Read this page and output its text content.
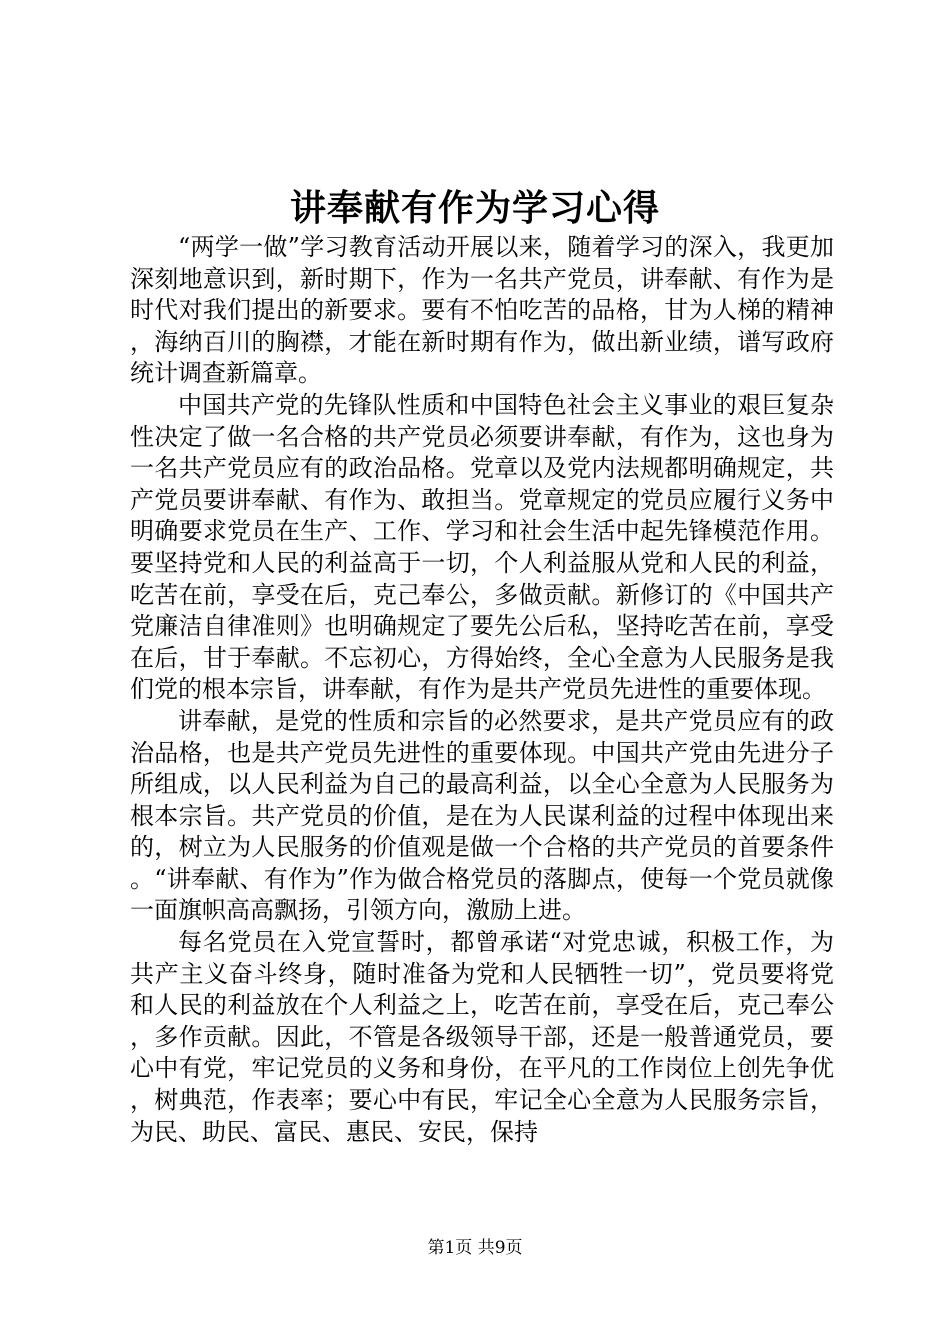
讲奉献有作为学习心得

“两学一做”学习教育活动开展以来，随着学习的深入，我更加深刻地意识到，新时期下，作为一名共产党员，讲奉献、有作为是时代对我们提出的新要求。要有不怕吃苦的品格，甘为人梯的精神，海纳百川的胸襟，才能在新时期有作为，做出新业绩，谱写政府统计调查新篇章。

中国共产党的先锋队性质和中国特色社会主义事业的艰巨复杂性决定了做一名合格的共产党员必须要讲奉献，有作为，这也身为一名共产党员应有的政治品格。党章以及党内法规都明确规定，共产党员要讲奉献、有作为、敢担当。党章规定的党员应履行义务中明确要求党员在生产、工作、学习和社会生活中起先锋模范作用。要坚持党和人民的利益高于一切，个人利益服从党和人民的利益，吃苦在前，享受在后，克己奉公，多做贡献。新修订的《中国共产党廉洁自律准则》也明确规定了要先公后私，坚持吃苦在前，享受在后，甘于奉献。不忘初心，方得始终，全心全意为人民服务是我们党的根本宗旨，讲奉献，有作为是共产党员先进性的重要体现。

讲奉献，是党的性质和宗旨的必然要求，是共产党员应有的政治品格，也是共产党员先进性的重要体现。中国共产党由先进分子所组成，以人民利益为自己的最高利益，以全心全意为人民服务为根本宗旨。共产党员的价值，是在为人民谋利益的过程中体现出来的，树立为人民服务的价值观是做一个合格的共产党员的首要条件。“讲奉献、有作为”作为做合格党员的落脚点，使每一个党员就像一面旗帜高高飘扬，引领方向，激励上进。

每名党员在入党宣誓时，都曾承诺“对党忠诚，积极工作，为共产主义奋斗终身，随时准备为党和人民牺牲一切”，党员要将党和人民的利益放在个人利益之上，吃苦在前，享受在后，克己奉公，多作贡献。因此，不管是各级领导干部，还是一般普通党员，要心中有党，牢记党员的义务和身份，在平凡的工作岗位上创先争优，树典范，作表率；要心中有民，牢记全心全意为人民服务宗旨，为民、助民、富民、惠民、安民，保持

第1页 共9页
